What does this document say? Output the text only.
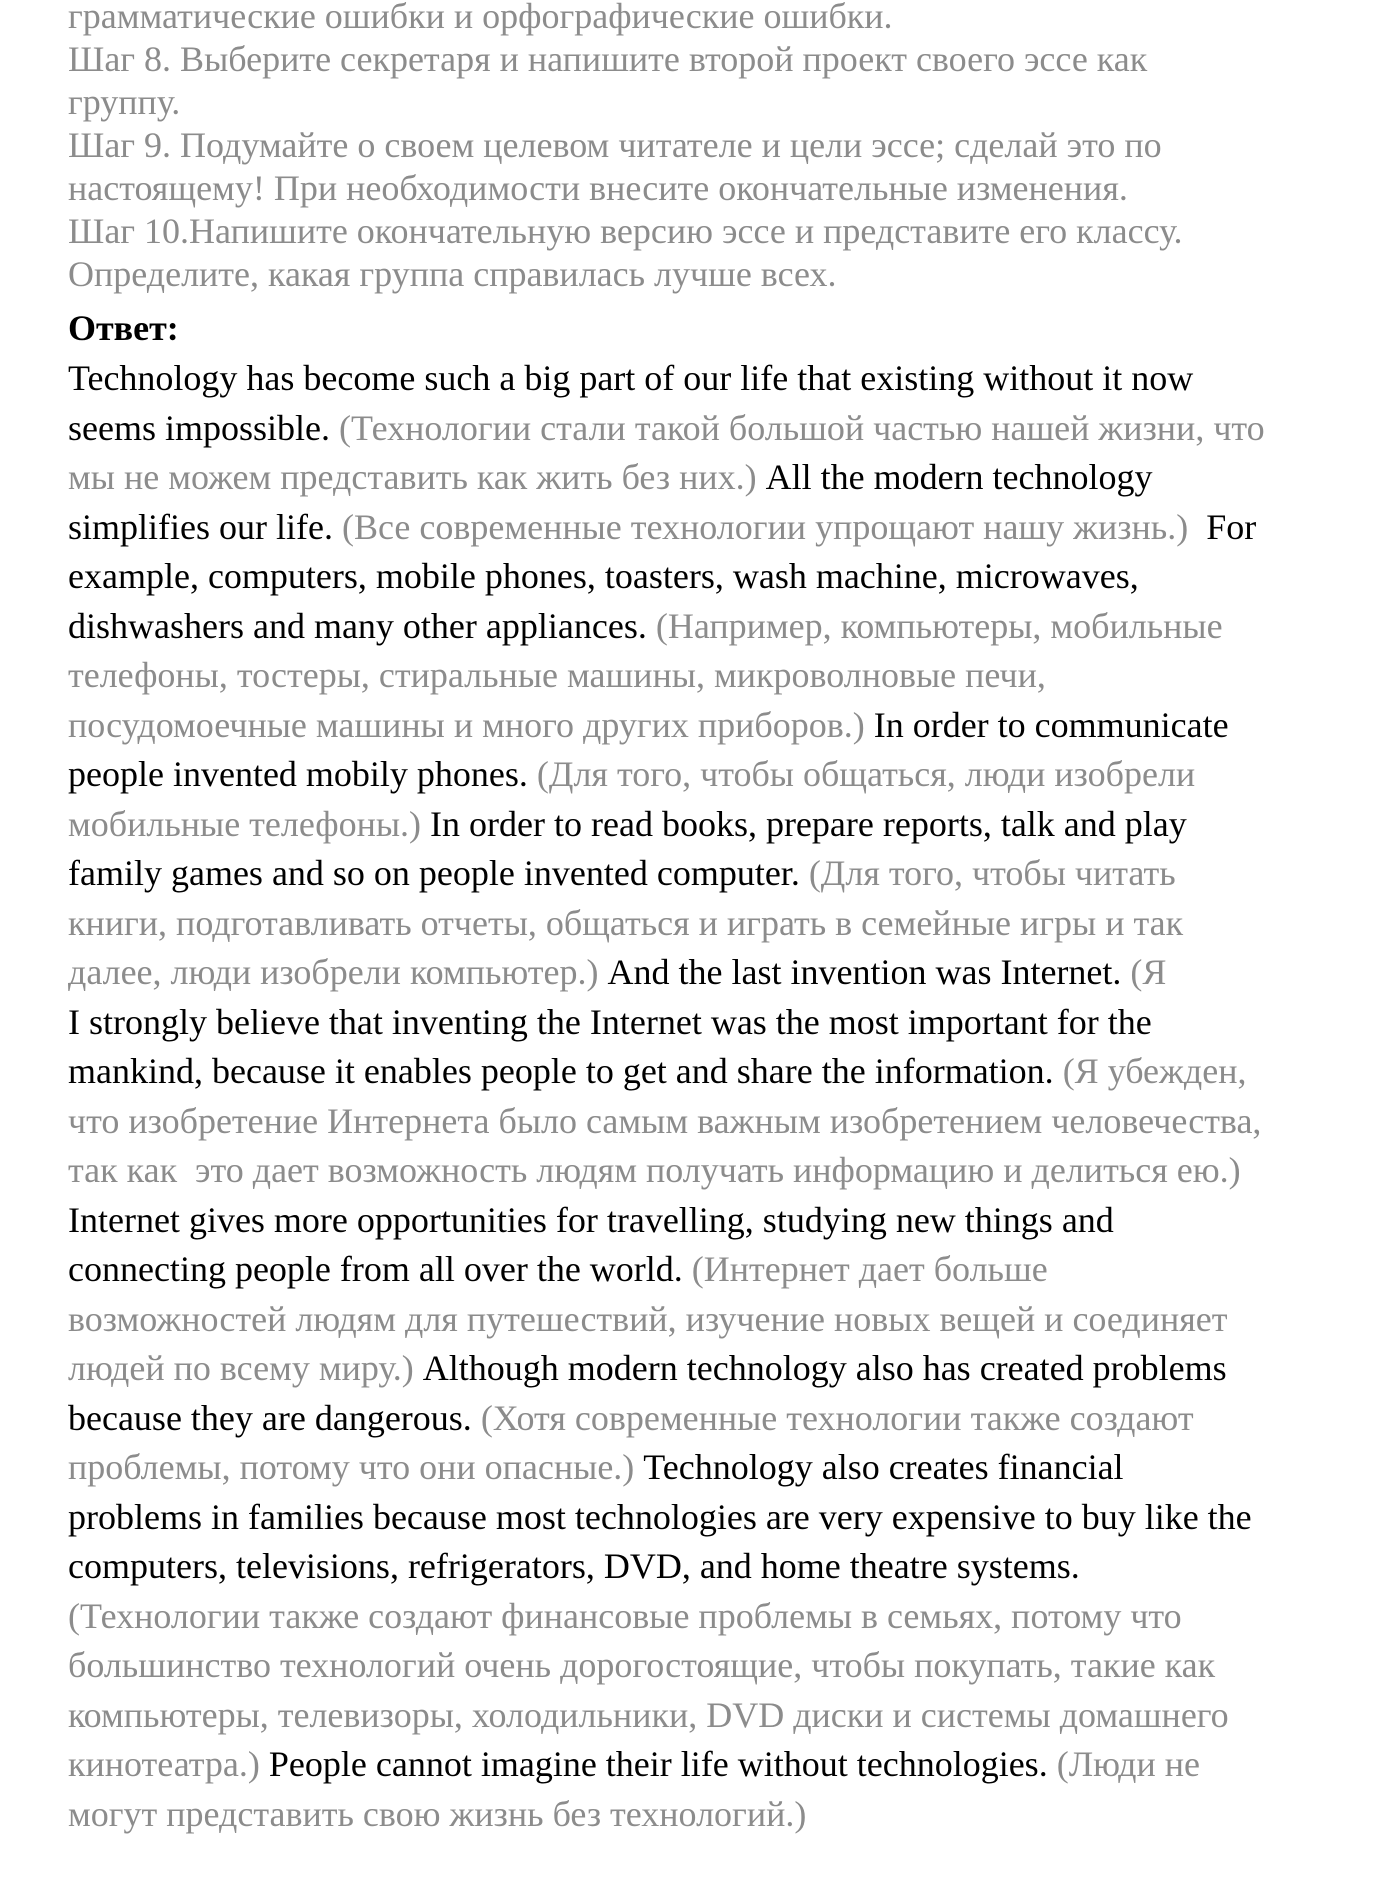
грамматические ошибки и орфографические ошибки.
Шаг 8. Выберите секретаря и напишите второй проект своего эссе как
группу.
Шаг 9. Подумайте о своем целевом читателе и цели эссе; сделай это по
настоящему! При необходимости внесите окончательные изменения.
Шаг 10.Напишите окончательную версию эссе и представите его классу.
Определите, какая группа справилась лучше всех.
Ответ:
Technology has become such a big part of our life that existing without it now
seems impossible. (Технологии стали такой большой частью нашей жизни, что
мы не можем представить как жить без них.) All the modern technology
simplifies our life. (Все современные технологии упрощают нашу жизнь.)  For
example, computers, mobile phones, toasters, wash machine, microwaves,
dishwashers and many other appliances. (Например, компьютеры, мобильные
телефоны, тостеры, стиральные машины, микроволновые печи,
посудомоечные машины и много других приборов.) In order to communicate
people invented mobily phones. (Для того, чтобы общаться, люди изобрели
мобильные телефоны.) In order to read books, prepare reports, talk and play
family games and so on people invented computer. (Для того, чтобы читать
книги, подготавливать отчеты, общаться и играть в семейные игры и так
далее, люди изобрели компьютер.) And the last invention was Internet. (Я
I strongly believe that inventing the Internet was the most important for the
mankind, because it enables people to get and share the information. (Я убежден,
что изобретение Интернета было самым важным изобретением человечества,
так как  это дает возможность людям получать информацию и делиться ею.)
Internet gives more opportunities for travelling, studying new things and
connecting people from all over the world. (Интернет дает больше
возможностей людям для путешествий, изучение новых вещей и соединяет
людей по всему миру.) Although modern technology also has created problems
because they are dangerous. (Хотя современные технологии также создают
проблемы, потому что они опасные.) Technology also creates financial
problems in families because most technologies are very expensive to buy like the
computers, televisions, refrigerators, DVD, and home theatre systems.
(Технологии также создают финансовые проблемы в семьях, потому что
большинство технологий очень дорогостоящие, чтобы покупать, такие как
компьютеры, телевизоры, холодильники, DVD диски и системы домашнего
кинотеатра.) People cannot imagine their life without technologies. (Люди не
могут представить свою жизнь без технологий.)
